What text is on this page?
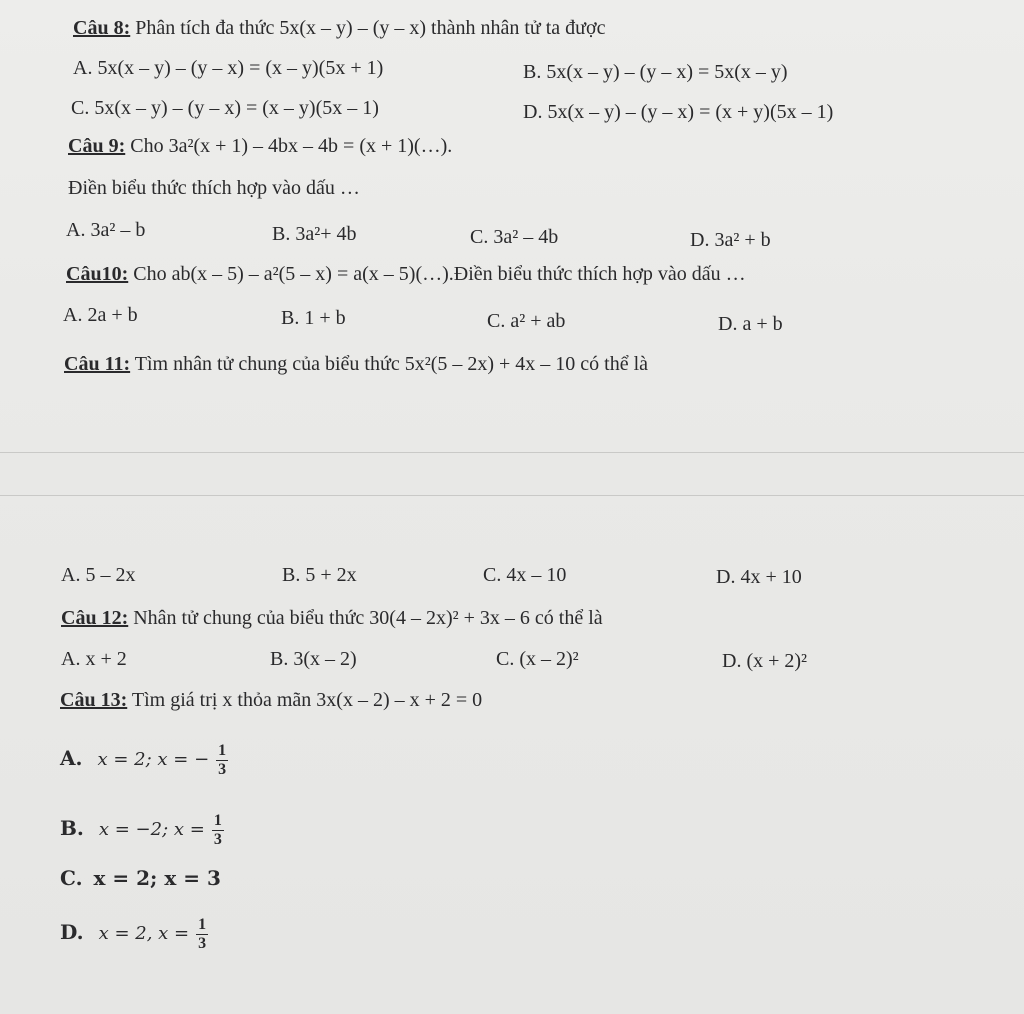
Câu 8: Phân tích đa thức 5x(x – y) – (y – x) thành nhân tử ta được
A. 5x(x – y) – (y – x) = (x – y)(5x + 1)	B. 5x(x – y) – (y – x) = 5x(x – y)
C. 5x(x – y) – (y – x) = (x – y)(5x – 1)	D. 5x(x – y) – (y – x) = (x + y)(5x – 1)
Câu 9: Cho 3a²(x + 1) – 4bx – 4b = (x + 1)(…).
Điền biểu thức thích hợp vào dấu …
A. 3a² – b	B. 3a²+ 4b	C. 3a² – 4b	D. 3a² + b
Câu10: Cho ab(x – 5) – a²(5 – x) = a(x – 5)(…).Điền biểu thức thích hợp vào dấu …
A. 2a + b	B. 1 + b	C. a² + ab	D. a + b
Câu 11: Tìm nhân tử chung của biểu thức 5x²(5 – 2x) + 4x – 10 có thể là
A. 5 – 2x	B. 5 + 2x	C. 4x – 10	D. 4x + 10
Câu 12: Nhân tử chung của biểu thức 30(4 – 2x)² + 3x – 6 có thể là
A. x + 2	B. 3(x – 2)	C. (x – 2)²	D. (x + 2)²
Câu 13: Tìm giá trị x thỏa mãn 3x(x – 2) – x + 2 = 0
A. x = 2; x = − $\frac{1}{3}$
B. x = −2; $x = \frac{1}{3}$
C. x = 2; x = 3
D. x = 2, $x = \frac{1}{3}$
